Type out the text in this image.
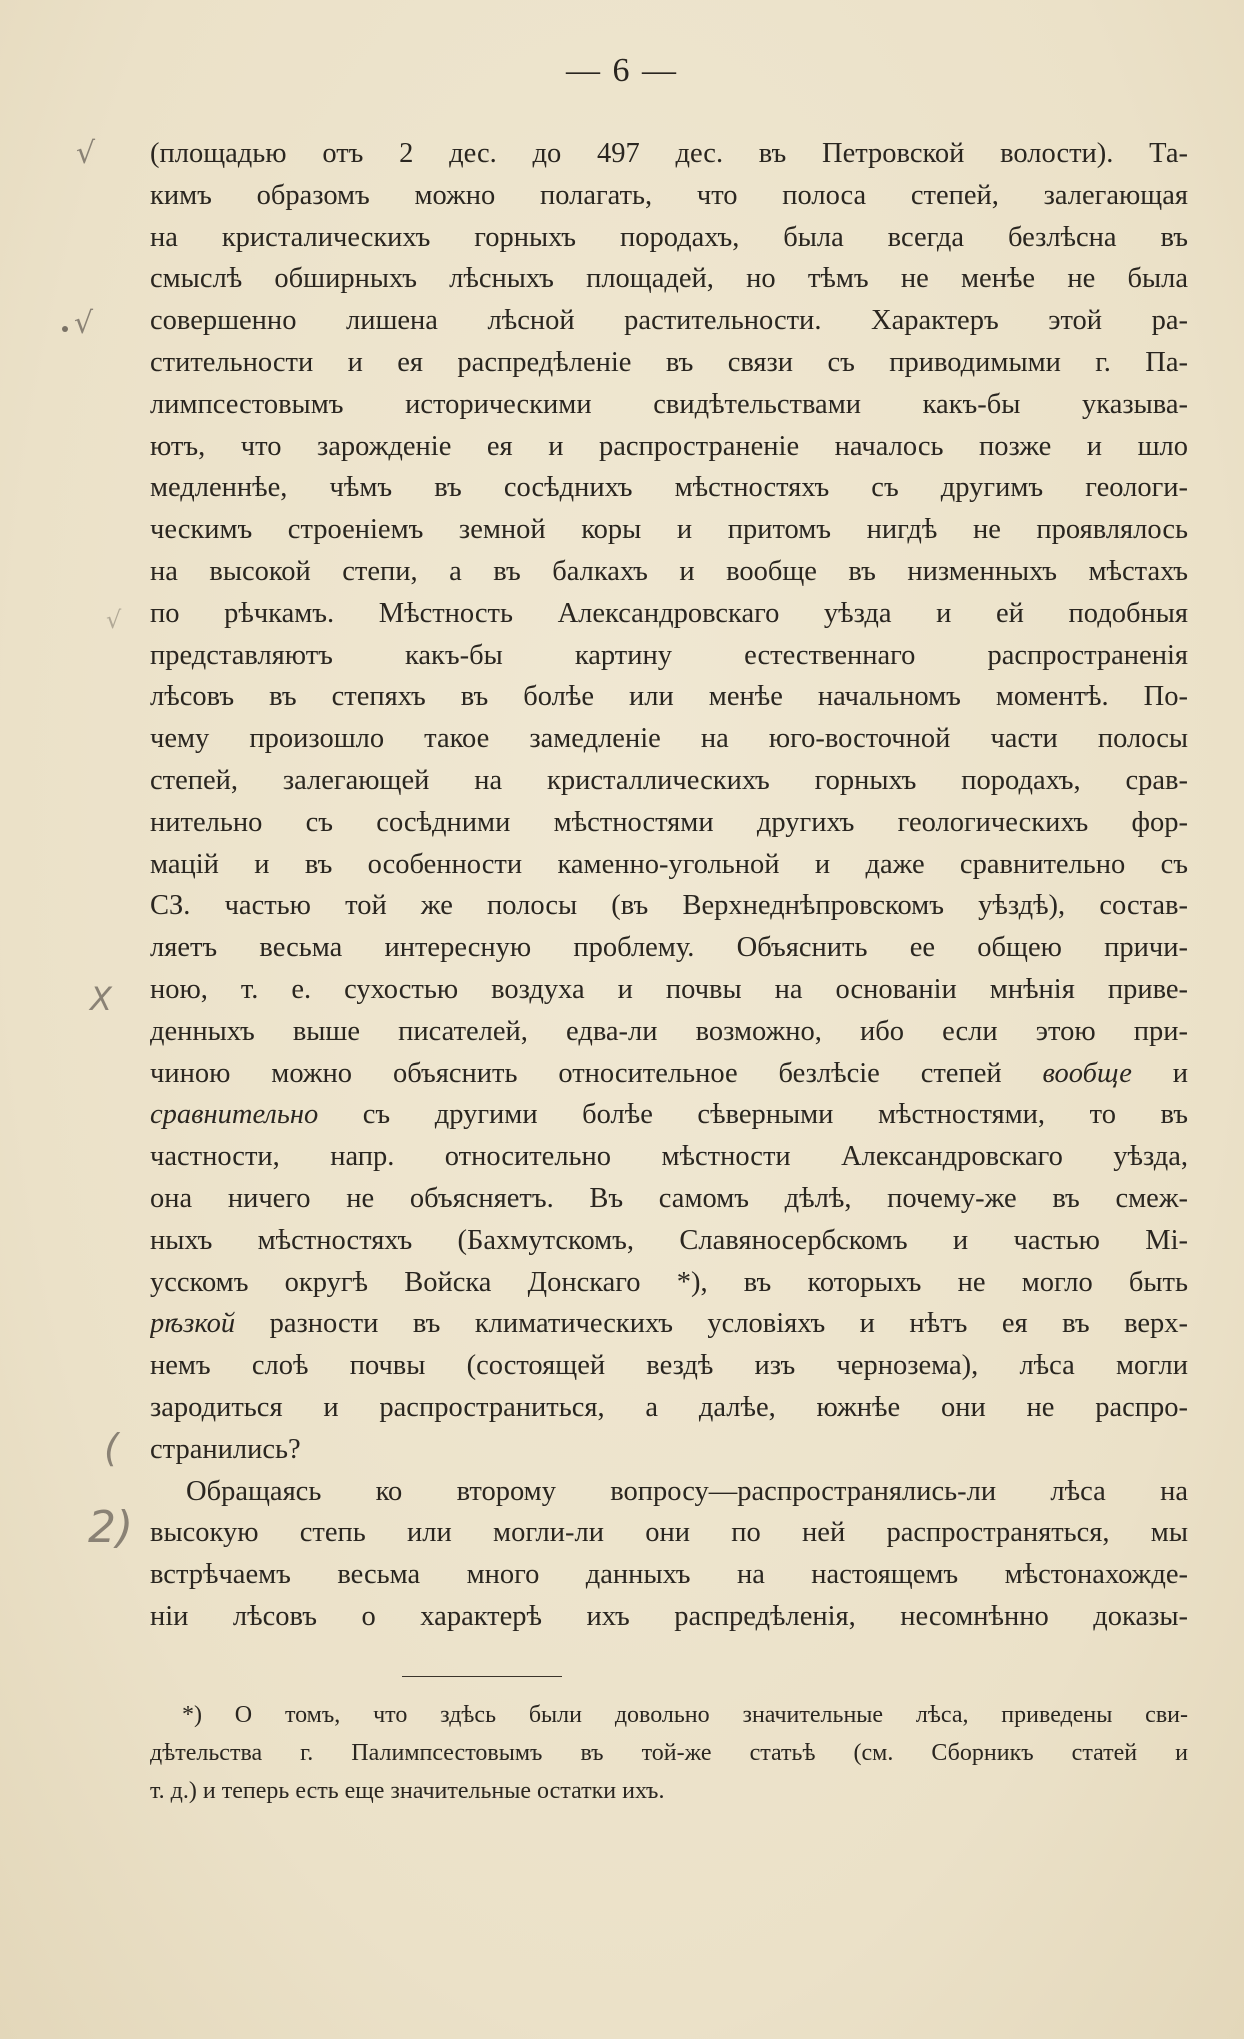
— 6 —
√
√
√
X
(
2)
(площадью отъ 2 дес. до 497 дес. въ Петровской волости). Та-
кимъ образомъ можно полагать, что полоса степей, залегающая
на кристалическихъ горныхъ породахъ, была всегда безлѣсна въ
смыслѣ обширныхъ лѣсныхъ площадей, но тѣмъ не менѣе не была
совершенно лишена лѣсной растительности. Характеръ этой ра-
стительности и ея распредѣленіе въ связи съ приводимыми г. Па-
лимпсестовымъ историческими свидѣтельствами какъ-бы указыва-
ютъ, что зарожденіе ея и распространеніе началось позже и шло
медленнѣе, чѣмъ въ сосѣднихъ мѣстностяхъ съ другимъ геологи-
ческимъ строеніемъ земной коры и притомъ нигдѣ не проявлялось
на высокой степи, а въ балкахъ и вообще въ низменныхъ мѣстахъ
по рѣчкамъ. Мѣстность Александровскаго уѣзда и ей подобныя
представляютъ какъ-бы картину естественнаго распространенія
лѣсовъ въ степяхъ въ болѣе или менѣе начальномъ моментѣ. По-
чему произошло такое замедленіе на юго-восточной части полосы
степей, залегающей на кристаллическихъ горныхъ породахъ, срав-
нительно съ сосѣдними мѣстностями другихъ геологическихъ фор-
мацій и въ особенности каменно-угольной и даже сравнительно съ
СЗ. частью той же полосы (въ Верхнеднѣпровскомъ уѣздѣ), состав-
ляетъ весьма интересную проблему. Объяснить ее общею причи-
ною, т. е. сухостью воздуха и почвы на основаніи мнѣнія приве-
денныхъ выше писателей, едва-ли возможно, ибо если этою при-
чиною можно объяснить относительное безлѣсіе степей вообще и
сравнительно съ другими болѣе сѣверными мѣстностями, то въ
частности, напр. относительно мѣстности Александровскаго уѣзда,
она ничего не объясняетъ. Въ самомъ дѣлѣ, почему-же въ смеж-
ныхъ мѣстностяхъ (Бахмутскомъ, Славяносербскомъ и частью Мі-
усскомъ округѣ Войска Донскаго *), въ которыхъ не могло быть
рѣзкой разности въ климатическихъ условіяхъ и нѣтъ ея въ верх-
немъ слоѣ почвы (состоящей вездѣ изъ чернозема), лѣса могли
зародиться и распространиться, а далѣе, южнѣе они не распро-
странились?
Обращаясь ко второму вопросу—распространялись-ли лѣса на
высокую степь или могли-ли они по ней распространяться, мы
встрѣчаемъ весьма много данныхъ на настоящемъ мѣстонахожде-
ніи лѣсовъ о характерѣ ихъ распредѣленія, несомнѣнно доказы-
*) О томъ, что здѣсь были довольно значительные лѣса, приведены сви-
дѣтельства г. Палимпсестовымъ въ той-же статьѣ (см. Сборникъ статей и
т. д.) и теперь есть еще значительные остатки ихъ.
